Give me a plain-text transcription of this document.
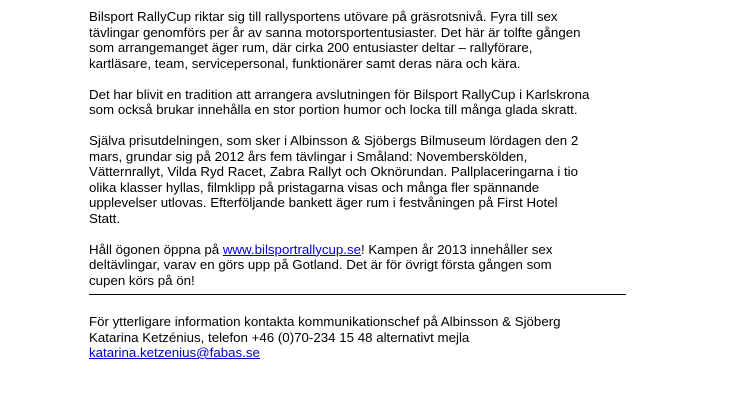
Bilsport RallyCup riktar sig till rallysportens utövare på gräsrotsnivå. Fyra till sex
tävlingar genomförs per år av sanna motorsportentusiaster. Det här är tolfte gången
som arrangemanget äger rum, där cirka 200 entusiaster deltar – rallyförare,
kartläsare, team, servicepersonal, funktionärer samt deras nära och kära.

Det har blivit en tradition att arrangera avslutningen för Bilsport RallyCup i Karlskrona
som också brukar innehålla en stor portion humor och locka till många glada skratt.

Själva prisutdelningen, som sker i Albinsson & Sjöbergs Bilmuseum lördagen den 2
mars, grundar sig på 2012 års fem tävlingar i Småland: Novemberskölden,
Vätternrallyt, Vilda Ryd Racet, Zabra Rallyt och Oknörundan. Pallplaceringarna i tio
olika klasser hyllas, filmklipp på pristagarna visas och många fler spännande
upplevelser utlovas. Efterföljande bankett äger rum i festvåningen på First Hotel
Statt.

Håll ögonen öppna på www.bilsportrallycup.se! Kampen år 2013 innehåller sex
deltävlingar, varav en görs upp på Gotland. Det är för övrigt första gången som
cupen körs på ön!

För ytterligare information kontakta kommunikationschef på Albinsson & Sjöberg
Katarina Ketzénius, telefon +46 (0)70-234 15 48 alternativt mejla
katarina.ketzenius@fabas.se
